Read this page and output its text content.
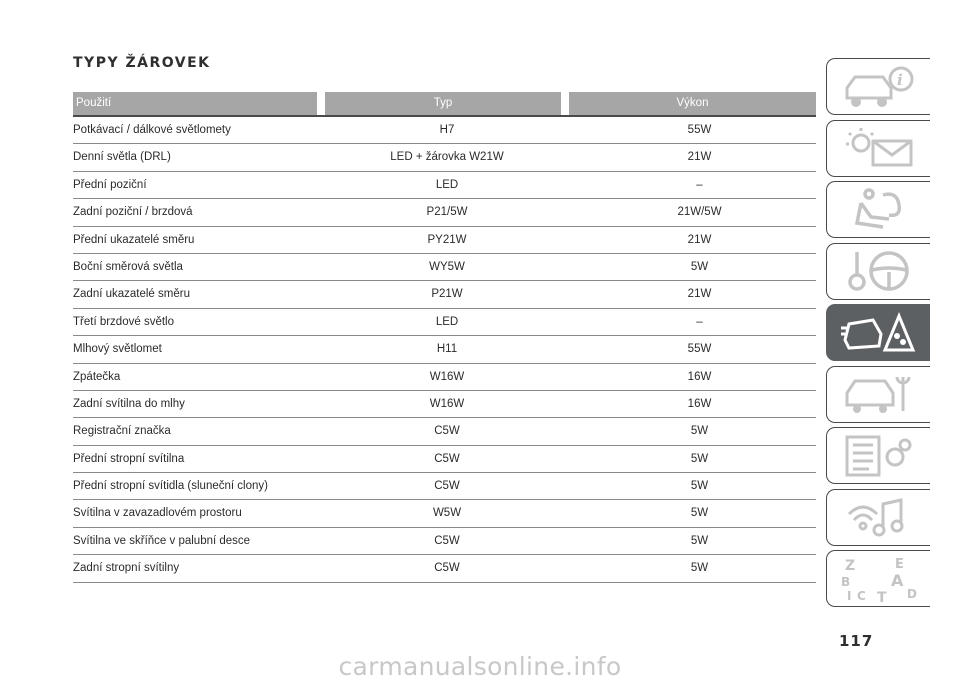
TYPY ŽÁROVEK
Použití	Typ	Výkon
Potkávací / dálkové světlomety	H7	55W
Denní světla (DRL)	LED + žárovka W21W	21W
Přední poziční	LED	–
Zadní poziční / brzdová	P21/5W	21W/5W
Přední ukazatelé směru	PY21W	21W
Boční směrová světla	WY5W	5W
Zadní ukazatelé směru	P21W	21W
Třetí brzdové světlo	LED	–
Mlhový světlomet	H11	55W
Zpátečka	W16W	16W
Zadní svítilna do mlhy	W16W	16W
Registrační značka	C5W	5W
Přední stropní svítilna	C5W	5W
Přední stropní svítidla (sluneční clony)	C5W	5W
Svítilna v zavazadlovém prostoru	W5W	5W
Svítilna ve skříňce v palubní desce	C5W	5W
Zadní stropní svítilny	C5W	5W
i
Z	E
B	A
C	D
T
I
117
carmanualsonline.info
